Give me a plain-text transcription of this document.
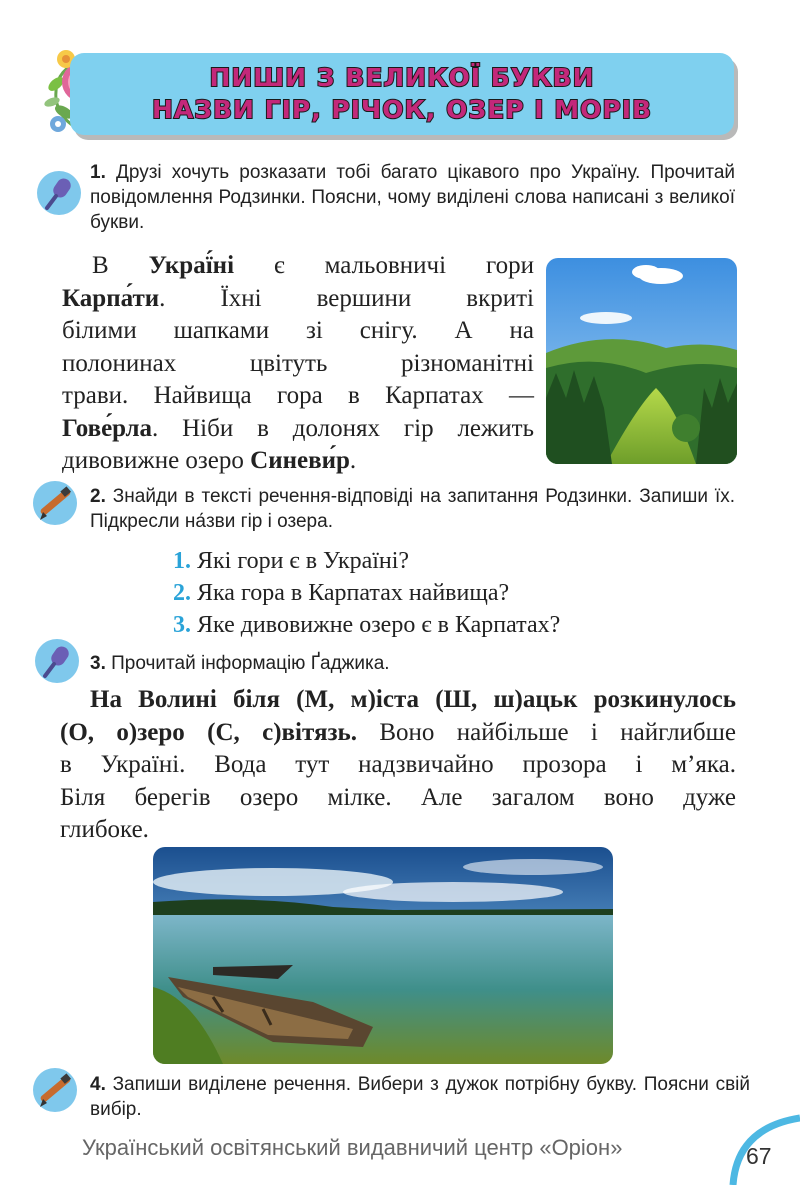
ПИШИ З ВЕЛИКОЇ БУКВИ
НАЗВИ ГІР, РІЧОК, ОЗЕР І МОРІВ
1. Друзі хочуть розказати тобі багато цікавого про Україну. Прочитай повідомлення Родзинки. Поясни, чому виділені слова написані з великої букви.
В Украї́ні є мальовничі гори
Карпа́ти. Їхні вершини вкриті
білими шапками зі снігу. А на
полонинах цвітуть різноманітні
трави. Найвища гора в Карпатах —
Гове́рла. Ніби в долонях гір лежить
дивовижне озеро Синеви́р.
2. Знайди в тексті речення-відповіді на запитання Родзинки. Запиши їх. Підкресли на́зви гір і озера.
1. Які гори є в Україні?
2. Яка гора в Карпатах найвища?
3. Яке дивовижне озеро є в Карпатах?
3. Прочитай інформацію Ґаджика.
На Волині біля (М, м)іста (Ш, ш)ацьк розкинулось
(О, о)зеро (С, с)вітязь. Воно найбільше і найглибше
в Україні. Вода тут надзвичайно прозора і м’яка.
Біля берегів озеро мілке. Але загалом воно дуже
глибоке.
4. Запиши виділене речення. Вибери з дужок потрібну букву. Поясни свій вибір.
Український освітянський видавничий центр «Оріон»	67
